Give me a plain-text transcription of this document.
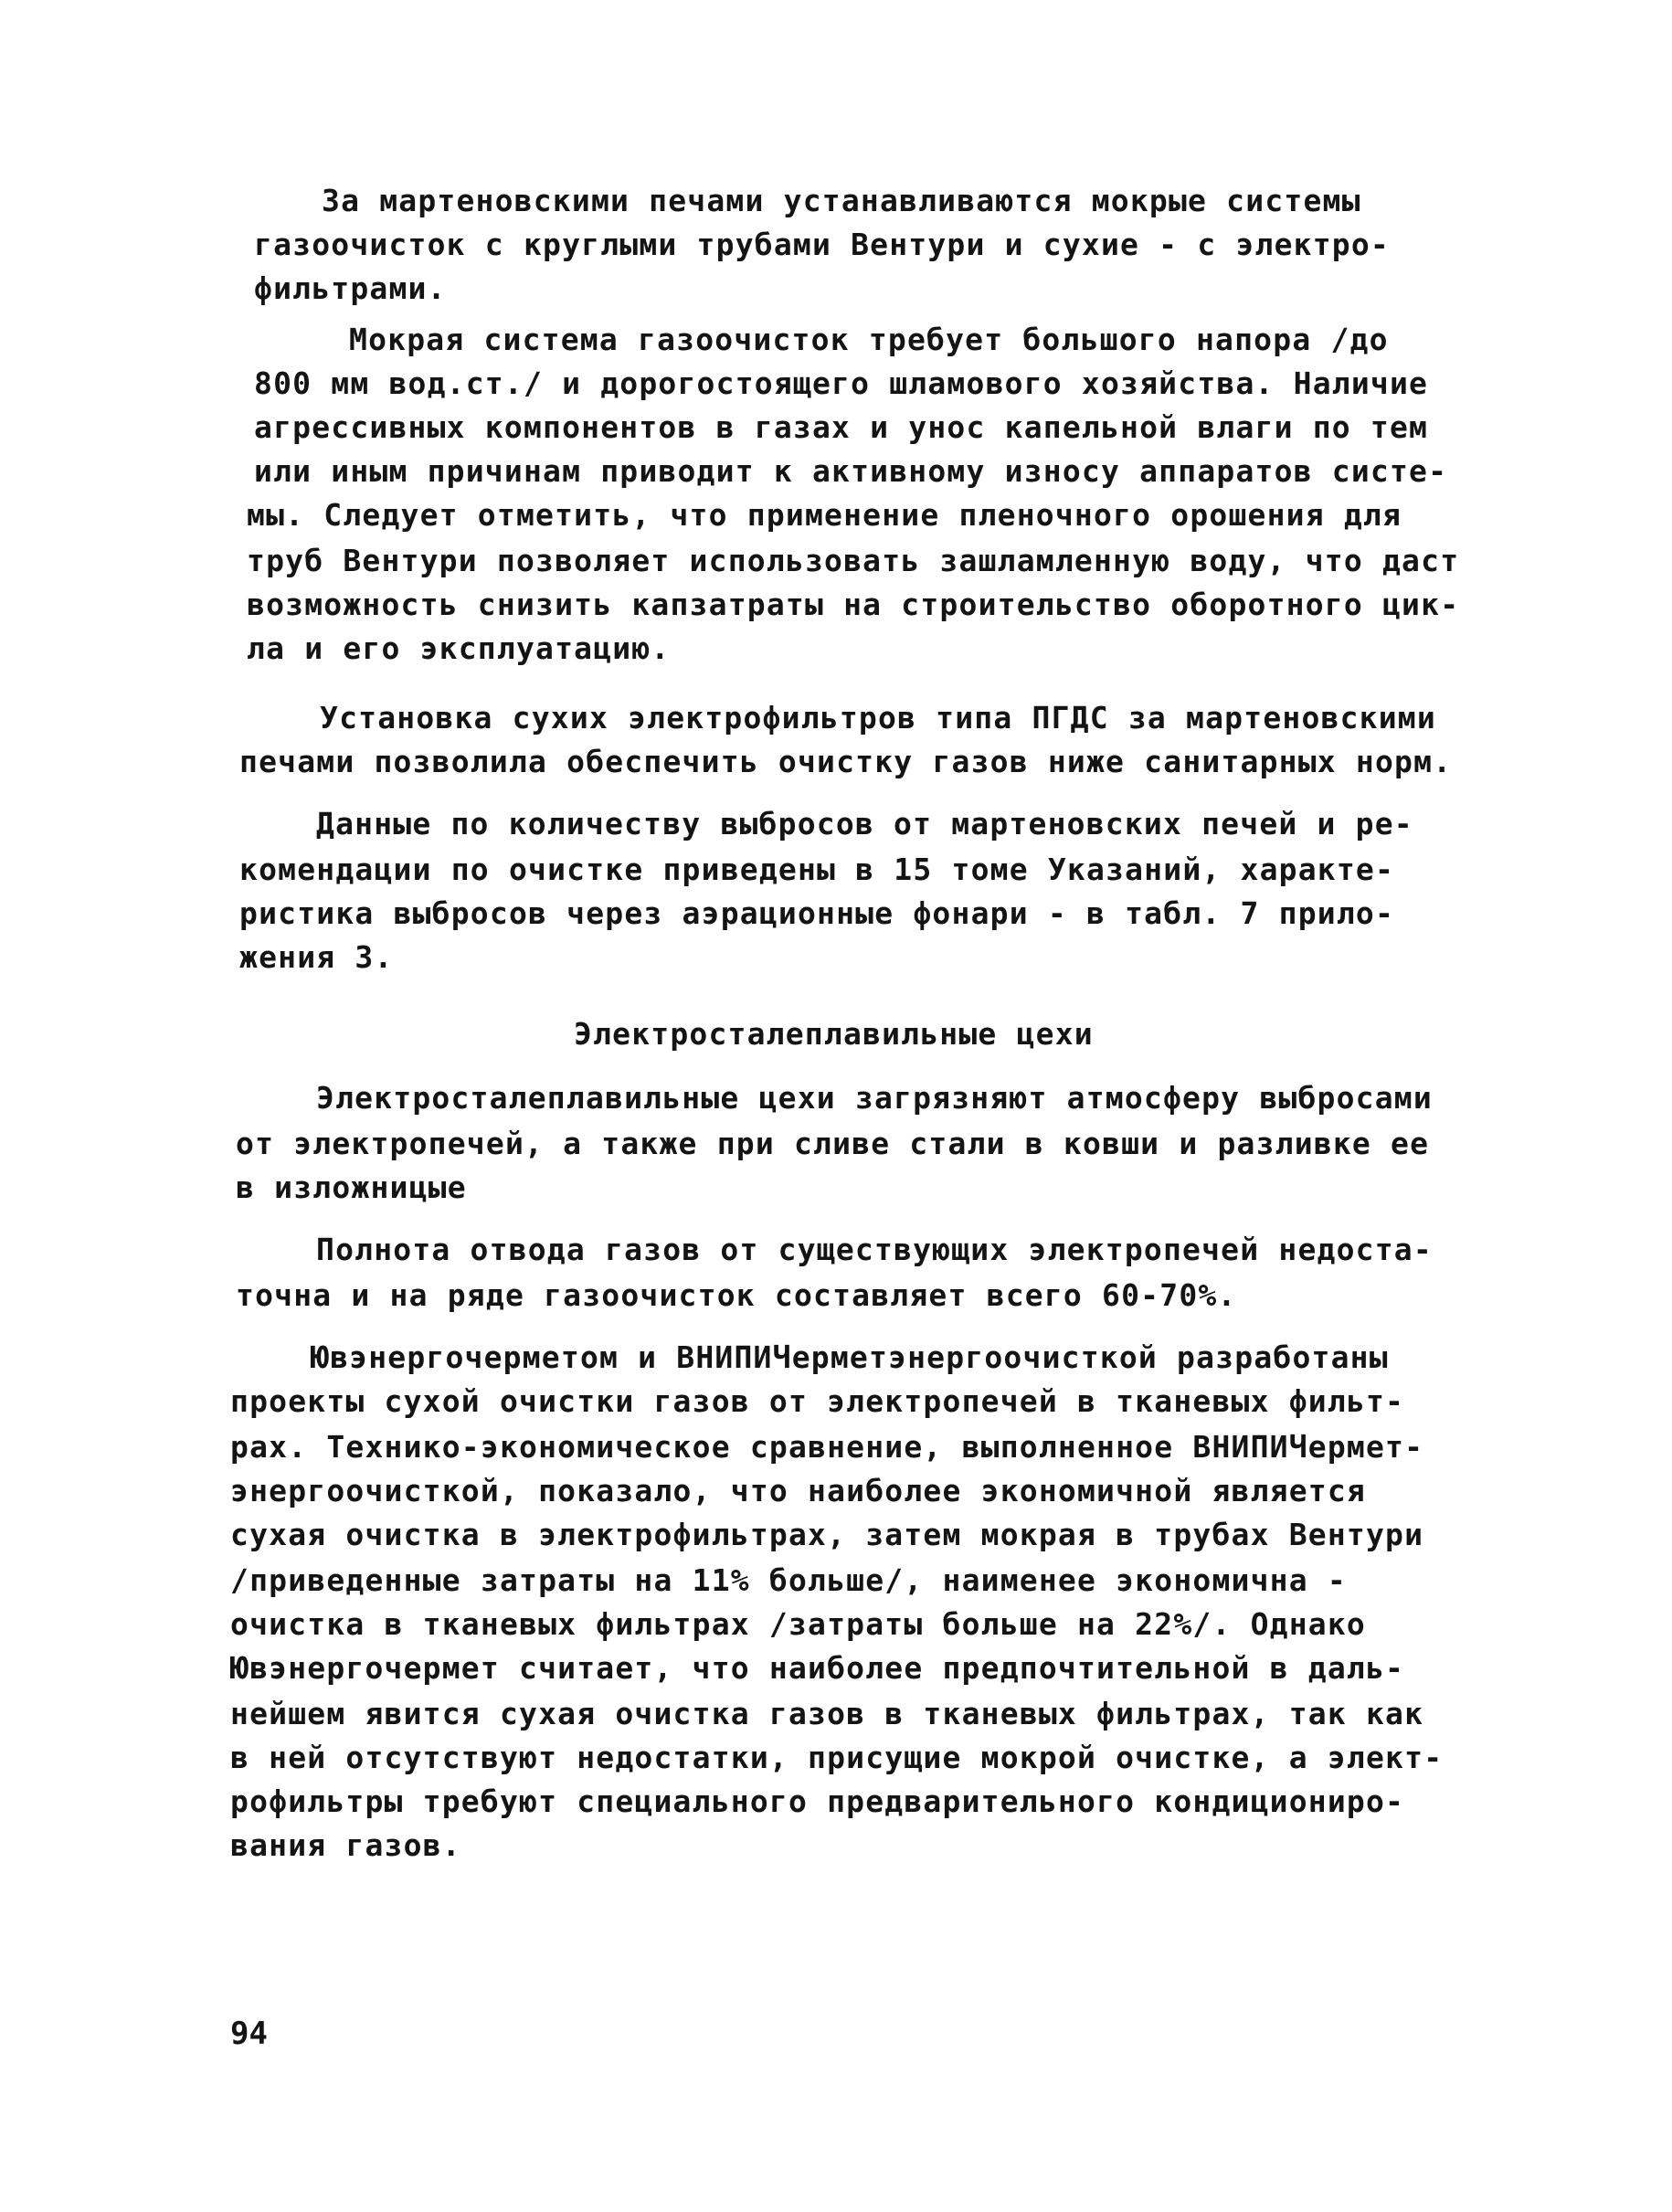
За мартеновскими печами устанавливаются мокрые системы
газоочисток с круглыми трубами Вентури и сухие - с электро-
фильтрами.
Мокрая система газоочисток требует большого напора /до
800 мм вод.ст./ и дорогостоящего шламового хозяйства. Наличие
агрессивных компонентов в газах и унос капельной влаги по тем
или иным причинам приводит к активному износу аппаратов систе-
мы. Следует отметить, что применение пленочного орошения для
труб Вентури позволяет использовать зашламленную воду, что даст
возможность снизить капзатраты на строительство оборотного цик-
ла и его эксплуатацию.
Установка сухих электрофильтров типа ПГДС за мартеновскими
печами позволила обеспечить очистку газов ниже санитарных норм.
Данные по количеству выбросов от мартеновских печей и ре-
комендации по очистке приведены в 15 томе Указаний, характе-
ристика выбросов через аэрационные фонари - в табл. 7 прило-
жения 3.
Электросталеплавильные цехи
Электросталеплавильные цехи загрязняют атмосферу выбросами
от электропечей, а также при сливе стали в ковши и разливке ее
в изложницые
Полнота отвода газов от существующих электропечей недоста-
точна и на ряде газоочисток составляет всего 60-70%.
Ювэнергочерметом и ВНИПИЧерметэнергоочисткой разработаны
проекты сухой очистки газов от электропечей в тканевых фильт-
рах. Технико-экономическое сравнение, выполненное ВНИПИЧермет-
энергоочисткой, показало, что наиболее экономичной является
сухая очистка в электрофильтрах, затем мокрая в трубах Вентури
/приведенные затраты на 11% больше/, наименее экономична -
очистка в тканевых фильтрах /затраты больше на 22%/. Однако
Ювэнергочермет считает, что наиболее предпочтительной в даль-
нейшем явится сухая очистка газов в тканевых фильтрах, так как
в ней отсутствуют недостатки, присущие мокрой очистке, а элект-
рофильтры требуют специального предварительного кондициониро-
вания газов.
94
